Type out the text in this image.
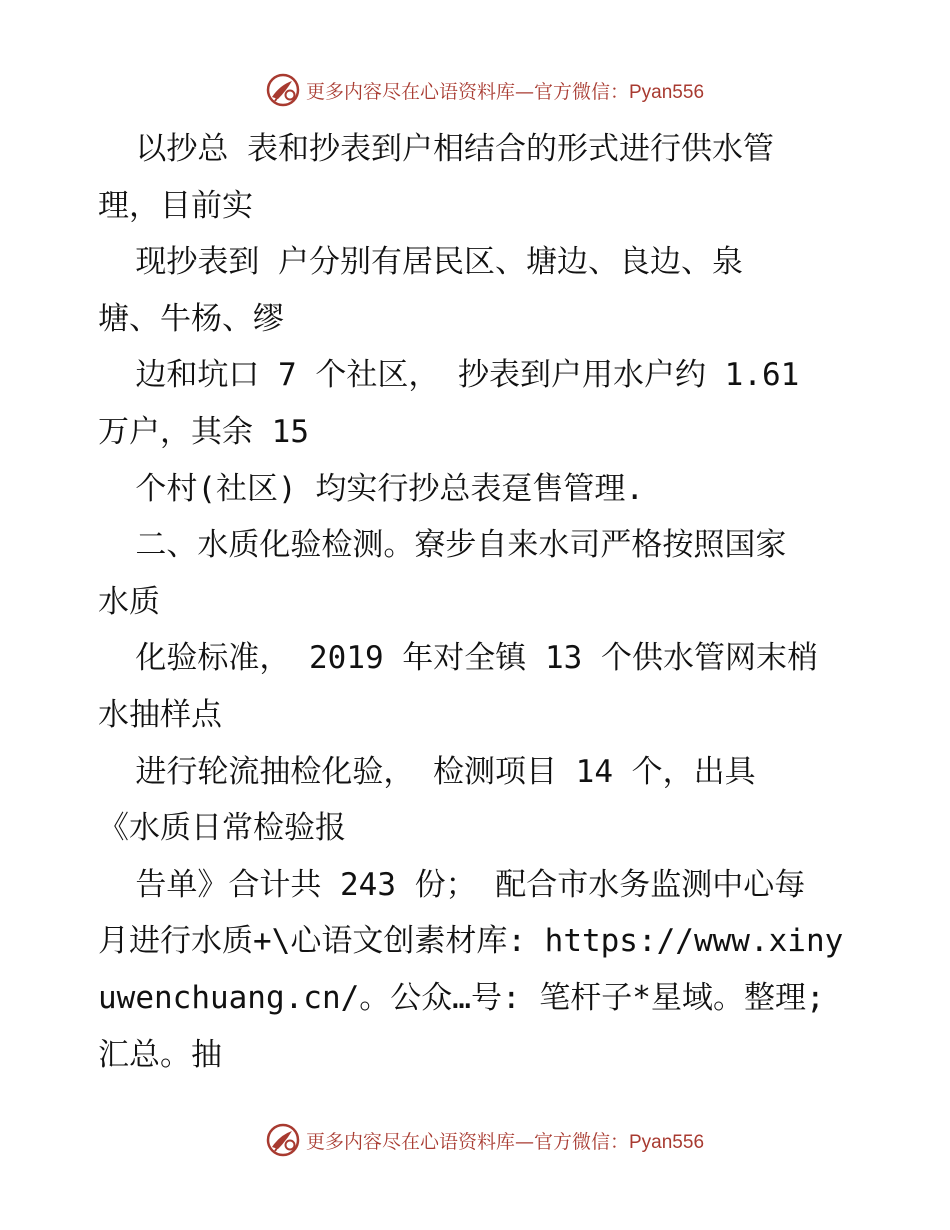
更多内容尽在心语资料库—官方微信：Pyan556
以抄总 表和抄表到户相结合的形式进行供水管
理，目前实
现抄表到 户分别有居民区、塘边、良边、泉
塘、牛杨、缪
边和坑口 7 个社区， 抄表到户用水户约 1.61
万户，其余 15
个村(社区) 均实行抄总表趸售管理.
二、水质化验检测。寮步自来水司严格按照国家
水质
化验标准， 2019 年对全镇 13 个供水管网末梢
水抽样点
进行轮流抽检化验， 检测项目 14 个，出具
《水质日常检验报
告单》合计共 243 份； 配合市水务监测中心每
月进行水质+\心语文创素材库: https://www.xiny
uwenchuang.cn/。公众…号: 笔杆子*星域。整理;
汇总。抽
更多内容尽在心语资料库—官方微信：Pyan556
